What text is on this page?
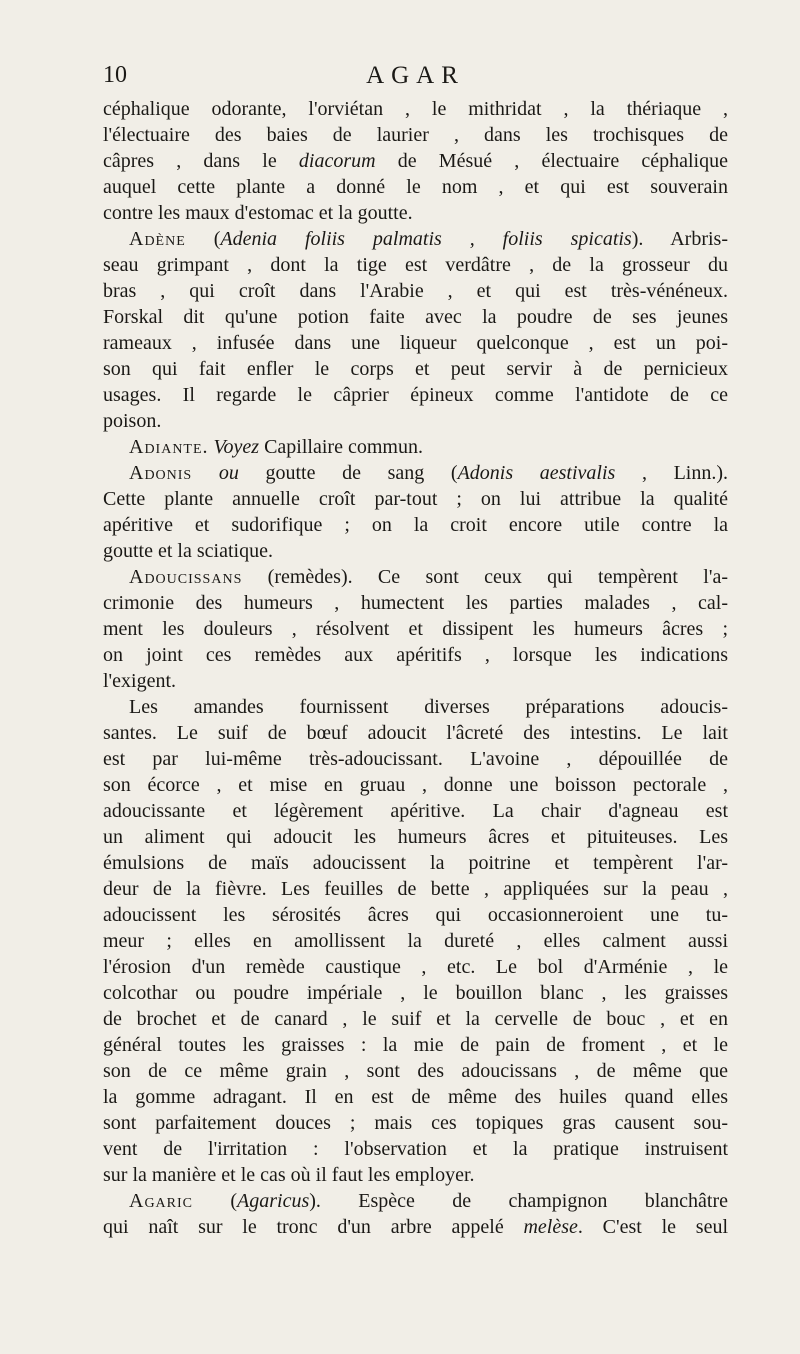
10	AGAR
céphalique odorante, l'orviétan , le mithridat , la thériaque ,
l'électuaire des baies de laurier , dans les trochisques de
câpres , dans le diacorum de Mésué , électuaire céphalique
auquel cette plante a donné le nom , et qui est souverain
contre les maux d'estomac et la goutte.
Adène (Adenia foliis palmatis , foliis spicatis). Arbris-
seau grimpant , dont la tige est verdâtre , de la grosseur du
bras , qui croît dans l'Arabie , et qui est très-vénéneux.
Forskal dit qu'une potion faite avec la poudre de ses jeunes
rameaux , infusée dans une liqueur quelconque , est un poi-
son qui fait enfler le corps et peut servir à de pernicieux
usages. Il regarde le câprier épineux comme l'antidote de ce
poison.
Adiante. Voyez Capillaire commun.
Adonis ou goutte de sang (Adonis aestivalis , Linn.).
Cette plante annuelle croît par-tout ; on lui attribue la qualité
apéritive et sudorifique ; on la croit encore utile contre la
goutte et la sciatique.
Adoucissans (remèdes). Ce sont ceux qui tempèrent l'a-
crimonie des humeurs , humectent les parties malades , cal-
ment les douleurs , résolvent et dissipent les humeurs âcres ;
on joint ces remèdes aux apéritifs , lorsque les indications
l'exigent.
Les amandes fournissent diverses préparations adoucis-
santes. Le suif de bœuf adoucit l'âcreté des intestins. Le lait
est par lui-même très-adoucissant. L'avoine , dépouillée de
son écorce , et mise en gruau , donne une boisson pectorale ,
adoucissante et légèrement apéritive. La chair d'agneau est
un aliment qui adoucit les humeurs âcres et pituiteuses. Les
émulsions de maïs adoucissent la poitrine et tempèrent l'ar-
deur de la fièvre. Les feuilles de bette , appliquées sur la peau ,
adoucissent les sérosités âcres qui occasionneroient une tu-
meur ; elles en amollissent la dureté , elles calment aussi
l'érosion d'un remède caustique , etc. Le bol d'Arménie , le
colcothar ou poudre impériale , le bouillon blanc , les graisses
de brochet et de canard , le suif et la cervelle de bouc , et en
général toutes les graisses : la mie de pain de froment , et le
son de ce même grain , sont des adoucissans , de même que
la gomme adragant. Il en est de même des huiles quand elles
sont parfaitement douces ; mais ces topiques gras causent sou-
vent de l'irritation : l'observation et la pratique instruisent
sur la manière et le cas où il faut les employer.
Agaric (Agaricus). Espèce de champignon blanchâtre
qui naît sur le tronc d'un arbre appelé melèse. C'est le seul
